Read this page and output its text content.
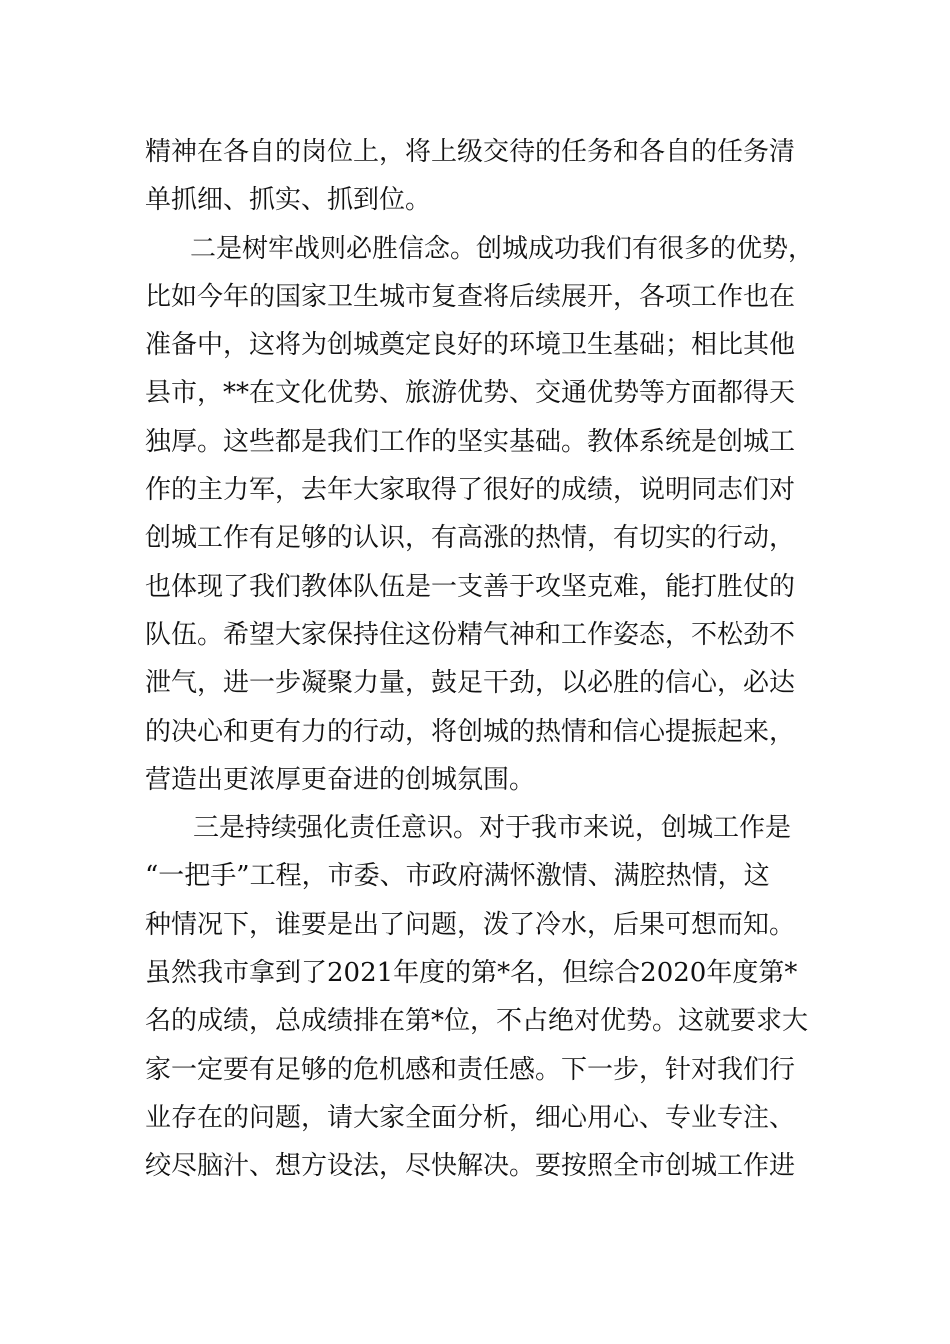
精神在各自的岗位上，将上级交待的任务和各自的任务清
单抓细、抓实、抓到位。
二是树牢战则必胜信念。创城成功我们有很多的优势，
比如今年的国家卫生城市复查将后续展开，各项工作也在
准备中，这将为创城奠定良好的环境卫生基础；相比其他
县市，**在文化优势、旅游优势、交通优势等方面都得天
独厚。这些都是我们工作的坚实基础。教体系统是创城工
作的主力军，去年大家取得了很好的成绩，说明同志们对
创城工作有足够的认识，有高涨的热情，有切实的行动，
也体现了我们教体队伍是一支善于攻坚克难，能打胜仗的
队伍。希望大家保持住这份精气神和工作姿态，不松劲不
泄气，进一步凝聚力量，鼓足干劲，以必胜的信心，必达
的决心和更有力的行动，将创城的热情和信心提振起来，
营造出更浓厚更奋进的创城氛围。
三是持续强化责任意识。对于我市来说，创城工作是
“一把手”工程，市委、市政府满怀激情、满腔热情，这
种情况下，谁要是出了问题，泼了冷水，后果可想而知。
虽然我市拿到了2021年度的第*名，但综合2020年度第*
名的成绩，总成绩排在第*位，不占绝对优势。这就要求大
家一定要有足够的危机感和责任感。下一步，针对我们行
业存在的问题，请大家全面分析，细心用心、专业专注、
绞尽脑汁、想方设法，尽快解决。要按照全市创城工作进
